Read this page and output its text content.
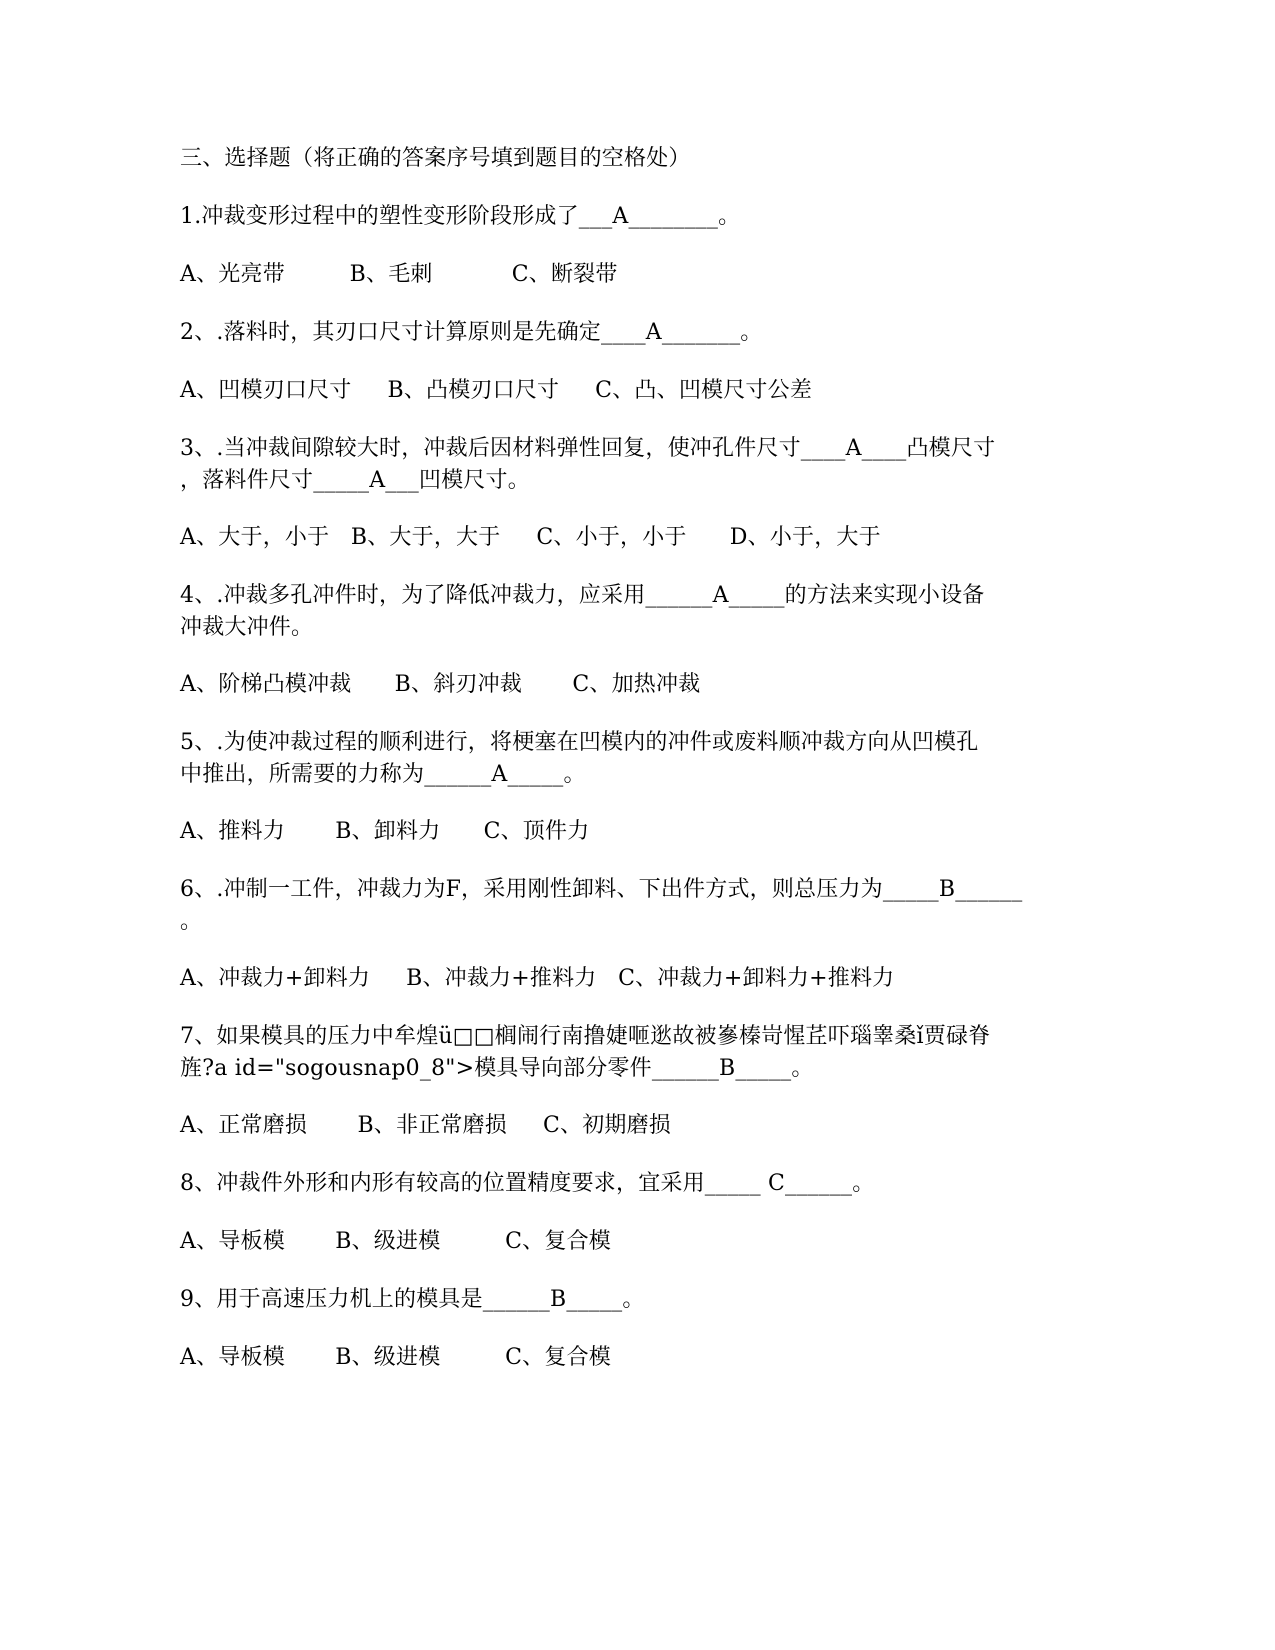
三、选择题（将正确的答案序号填到题目的空格处）
1.冲裁变形过程中的塑性变形阶段形成了___A________。
A、光亮带         B、毛刺           C、断裂带
2、.落料时，其刃口尺寸计算原则是先确定____A_______。
A、凹模刃口尺寸     B、凸模刃口尺寸     C、凸、凹模尺寸公差
3、.当冲裁间隙较大时，冲裁后因材料弹性回复，使冲孔件尺寸____A____凸模尺寸
，落料件尺寸_____A___凹模尺寸。
A、大于，小于   B、大于，大于     C、小于，小于      D、小于，大于
4、.冲裁多孔冲件时，为了降低冲裁力，应采用______A_____的方法来实现小设备
冲裁大冲件。
A、阶梯凸模冲裁      B、斜刃冲裁       C、加热冲裁
5、.为使冲裁过程的顺利进行，将梗塞在凹模内的冲件或废料顺冲裁方向从凹模孔
中推出，所需要的力称为______A_____。
A、推料力       B、卸料力      C、顶件力
6、.冲制一工件，冲裁力为F，采用刚性卸料、下出件方式，则总压力为_____B______
。
A、冲裁力+卸料力     B、冲裁力+推料力   C、冲裁力+卸料力+推料力
7、如果模具的压力中牟煌ü□□榈闹行南撸婕咂逖故被嵾榛岢惺茊吓瑙睾桑ǐ贾碌脊
旌?a id="sogousnap0_8">模具导向部分零件______B_____。
A、正常磨损       B、非正常磨损     C、初期磨损
8、冲裁件外形和内形有较高的位置精度要求，宜采用_____ C______。
A、导板模       B、级进模         C、复合模
9、用于高速压力机上的模具是______B_____。
A、导板模       B、级进模         C、复合模
